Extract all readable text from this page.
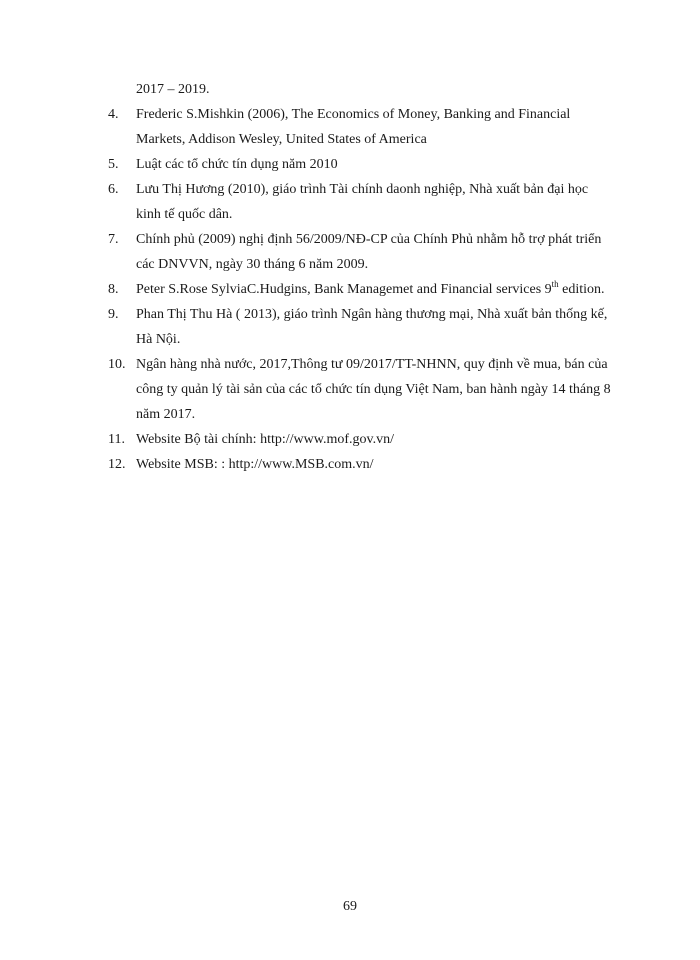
2017 – 2019.
4.	Frederic S.Mishkin (2006), The Economics of Money, Banking and Financial Markets, Addison Wesley, United States of America
5.	Luật các tổ chức tín dụng năm 2010
6.	Lưu Thị Hương (2010), giáo trình Tài chính daonh nghiệp, Nhà xuất bản đại học kinh tế quốc dân.
7.	Chính phủ (2009) nghị định 56/2009/NĐ-CP của Chính Phủ nhằm hỗ trợ phát triển các DNVVN, ngày 30 tháng 6 năm 2009.
8.	Peter S.Rose SylviaC.Hudgins, Bank Managemet and Financial services 9th edition.
9.	Phan Thị Thu Hà ( 2013), giáo trình Ngân hàng thương mại, Nhà xuất bản thống kế, Hà Nội.
10. Ngân hàng nhà nước, 2017,Thông tư 09/2017/TT-NHNN, quy định về mua, bán của công ty quản lý tài sản của các tổ chức tín dụng Việt Nam, ban hành ngày 14 tháng 8 năm 2017.
11. Website Bộ tài chính: http://www.mof.gov.vn/
12. Website MSB: : http://www.MSB.com.vn/
69
